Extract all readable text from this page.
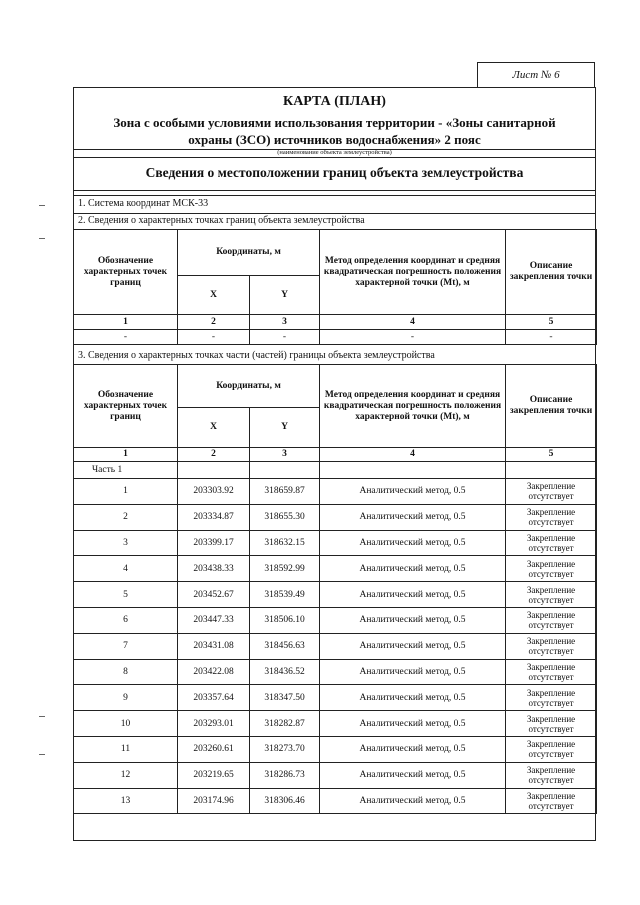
Лист № 6
КАРТА (ПЛАН)
Зона с особыми условиями использования территории - «Зоны санитарной охраны (ЗСО) источников водоснабжения» 2 пояс
(наименование объекта землеустройства)
Сведения о местоположении границ объекта землеустройства
1. Система координат МСК-33
2. Сведения о характерных точках границ объекта землеустройства
Обозначение характерных точек границ	Координаты, м		Метод определения координат и средняя квадратическая погрешность положения характерной точки (Mt), м	Описание закрепления точки
	X	Y		
1	2	3	4	5
-	-	-	-	-
3. Сведения о характерных точках части (частей) границы объекта землеустройства
Обозначение характерных точек границ	Координаты, м		Метод определения координат и средняя квадратическая погрешность положения характерной точки (Mt), м	Описание закрепления точки
	X	Y		
1	2	3	4	5
Часть 1				
1	203303.92	318659.87	Аналитический метод, 0.5	Закрепление отсутствует
2	203334.87	318655.30	Аналитический метод, 0.5	Закрепление отсутствует
3	203399.17	318632.15	Аналитический метод, 0.5	Закрепление отсутствует
4	203438.33	318592.99	Аналитический метод, 0.5	Закрепление отсутствует
5	203452.67	318539.49	Аналитический метод, 0.5	Закрепление отсутствует
6	203447.33	318506.10	Аналитический метод, 0.5	Закрепление отсутствует
7	203431.08	318456.63	Аналитический метод, 0.5	Закрепление отсутствует
8	203422.08	318436.52	Аналитический метод, 0.5	Закрепление отсутствует
9	203357.64	318347.50	Аналитический метод, 0.5	Закрепление отсутствует
10	203293.01	318282.87	Аналитический метод, 0.5	Закрепление отсутствует
11	203260.61	318273.70	Аналитический метод, 0.5	Закрепление отсутствует
12	203219.65	318286.73	Аналитический метод, 0.5	Закрепление отсутствует
13	203174.96	318306.46	Аналитический метод, 0.5	Закрепление отсутствует
